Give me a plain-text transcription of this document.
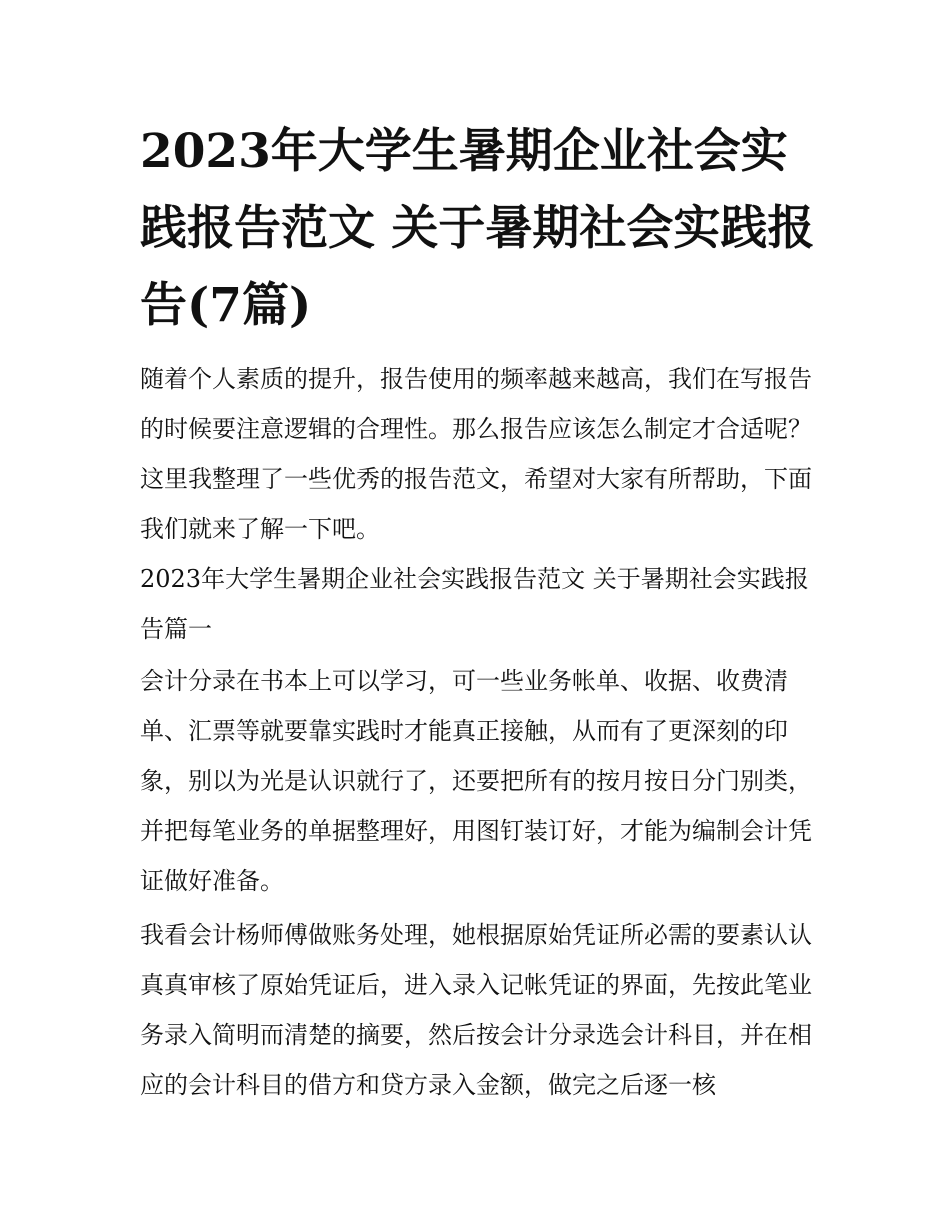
2023年大学生暑期企业社会实践报告范文 关于暑期社会实践报告(7篇)

随着个人素质的提升，报告使用的频率越来越高，我们在写报告的时候要注意逻辑的合理性。那么报告应该怎么制定才合适呢？这里我整理了一些优秀的报告范文，希望对大家有所帮助，下面我们就来了解一下吧。

2023年大学生暑期企业社会实践报告范文 关于暑期社会实践报告篇一

会计分录在书本上可以学习，可一些业务帐单、收据、收费清单、汇票等就要靠实践时才能真正接触，从而有了更深刻的印象，别以为光是认识就行了，还要把所有的按月按日分门别类，并把每笔业务的单据整理好，用图钉装订好，才能为编制会计凭证做好准备。

我看会计杨师傅做账务处理，她根据原始凭证所必需的要素认认真真审核了原始凭证后，进入录入记帐凭证的界面，先按此笔业务录入简明而清楚的摘要，然后按会计分录选会计科目，并在相应的会计科目的借方和贷方录入金额，做完之后逐一核
